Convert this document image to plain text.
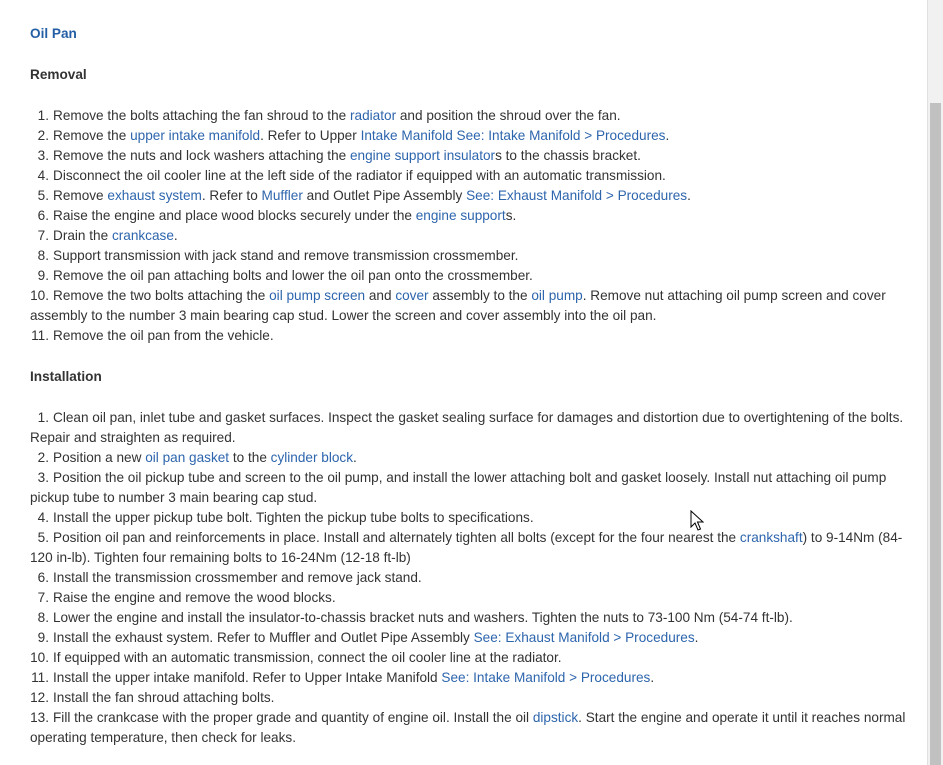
Oil Pan
Removal
1. Remove the bolts attaching the fan shroud to the radiator and position the shroud over the fan.
2. Remove the upper intake manifold. Refer to Upper Intake Manifold See: Intake Manifold > Procedures.
3. Remove the nuts and lock washers attaching the engine support insulators to the chassis bracket.
4. Disconnect the oil cooler line at the left side of the radiator if equipped with an automatic transmission.
5. Remove exhaust system. Refer to Muffler and Outlet Pipe Assembly See: Exhaust Manifold > Procedures.
6. Raise the engine and place wood blocks securely under the engine supports.
7. Drain the crankcase.
8. Support transmission with jack stand and remove transmission crossmember.
9. Remove the oil pan attaching bolts and lower the oil pan onto the crossmember.
10. Remove the two bolts attaching the oil pump screen and cover assembly to the oil pump. Remove nut attaching oil pump screen and cover assembly to the number 3 main bearing cap stud. Lower the screen and cover assembly into the oil pan.
11. Remove the oil pan from the vehicle.
Installation
1. Clean oil pan, inlet tube and gasket surfaces. Inspect the gasket sealing surface for damages and distortion due to overtightening of the bolts. Repair and straighten as required.
2. Position a new oil pan gasket to the cylinder block.
3. Position the oil pickup tube and screen to the oil pump, and install the lower attaching bolt and gasket loosely. Install nut attaching oil pump pickup tube to number 3 main bearing cap stud.
4. Install the upper pickup tube bolt. Tighten the pickup tube bolts to specifications.
5. Position oil pan and reinforcements in place. Install and alternately tighten all bolts (except for the four nearest the crankshaft) to 9-14Nm (84-120 in-lb). Tighten four remaining bolts to 16-24Nm (12-18 ft-lb)
6. Install the transmission crossmember and remove jack stand.
7. Raise the engine and remove the wood blocks.
8. Lower the engine and install the insulator-to-chassis bracket nuts and washers. Tighten the nuts to 73-100 Nm (54-74 ft-lb).
9. Install the exhaust system. Refer to Muffler and Outlet Pipe Assembly See: Exhaust Manifold > Procedures.
10. If equipped with an automatic transmission, connect the oil cooler line at the radiator.
11. Install the upper intake manifold. Refer to Upper Intake Manifold See: Intake Manifold > Procedures.
12. Install the fan shroud attaching bolts.
13. Fill the crankcase with the proper grade and quantity of engine oil. Install the oil dipstick. Start the engine and operate it until it reaches normal operating temperature, then check for leaks.
